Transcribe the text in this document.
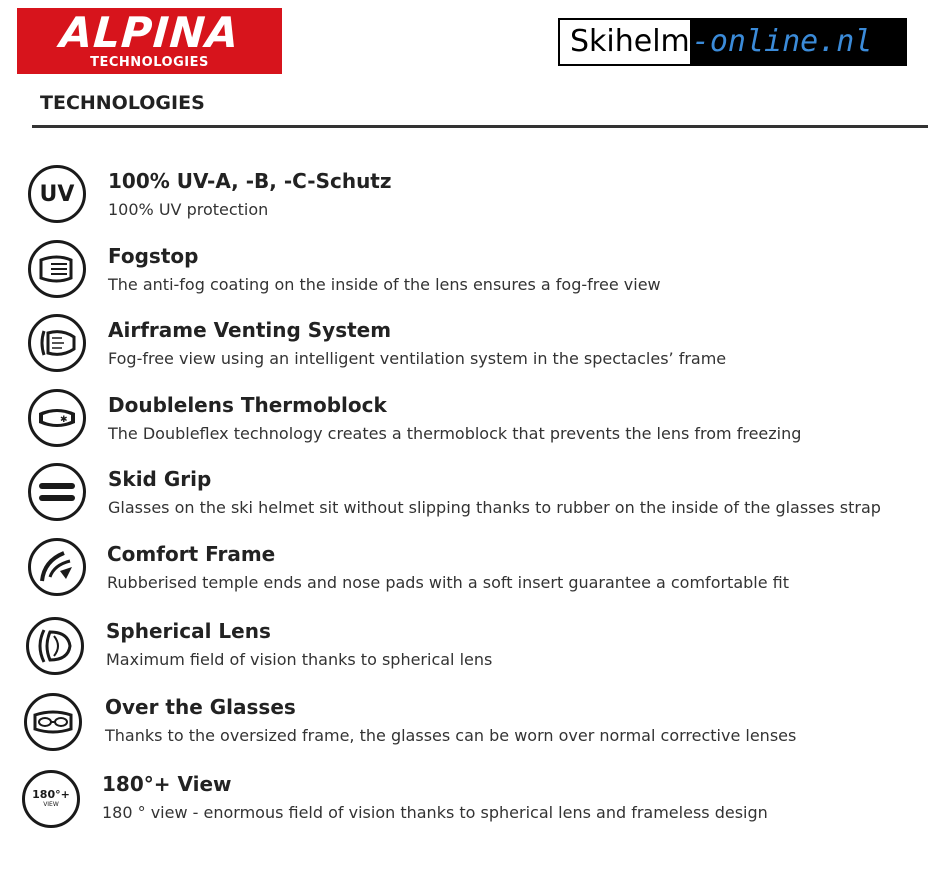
ALPINA
TECHNOLOGIES
Skihelm -online.nl
TECHNOLOGIES
UV
100% UV-A, -B, -C-Schutz
100% UV protection
Fogstop
The anti-fog coating on the inside of the lens ensures a fog-free view
Airframe Venting System
Fog-free view using an intelligent ventilation system in the spectacles’ frame
✱
Doublelens Thermoblock
The Doubleflex technology creates a thermoblock that prevents the lens from freezing
Skid Grip
Glasses on the ski helmet sit without slipping thanks to rubber on the inside of the glasses strap
Comfort Frame
Rubberised temple ends and nose pads with a soft insert guarantee a comfortable fit
Spherical Lens
Maximum field of vision thanks to spherical lens
Over the Glasses
Thanks to the oversized frame, the glasses can be worn over normal corrective lenses
180°+
VIEW
180°+ View
180 ° view - enormous field of vision thanks to spherical lens and frameless design
